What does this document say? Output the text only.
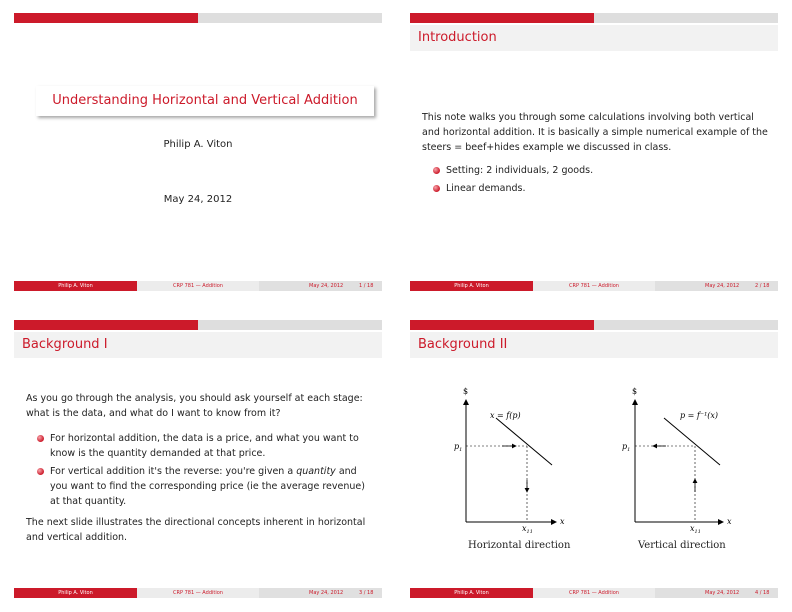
Understanding Horizontal and Vertical Addition
Philip A. Viton
May 24, 2012
Philip A. Viton	CRP 781 — Addition	May 24, 2012	1 / 18
Introduction
This note walks you through some calculations involving both vertical and horizontal addition. It is basically a simple numerical example of the steers = beef+hides example we discussed in class.
Setting: 2 individuals, 2 goods.
Linear demands.
Philip A. Viton	CRP 781 — Addition	May 24, 2012	2 / 18
Background I
As you go through the analysis, you should ask yourself at each stage: what is the data, and what do I want to know from it?
For horizontal addition, the data is a price, and what you want to know is the quantity demanded at that price.
For vertical addition it's the reverse: you're given a quantity and you want to find the corresponding price (ie the average revenue) at that quantity.
The next slide illustrates the directional concepts inherent in horizontal and vertical addition.
Philip A. Viton	CRP 781 — Addition	May 24, 2012	3 / 18
Background II
$
x
x = f(p)
$p_1$
$x_{11}$
$
x
p = f⁻¹(x)
$p_1$
$x_{11}$
Horizontal direction	Vertical direction
Philip A. Viton	CRP 781 — Addition	May 24, 2012	4 / 18
